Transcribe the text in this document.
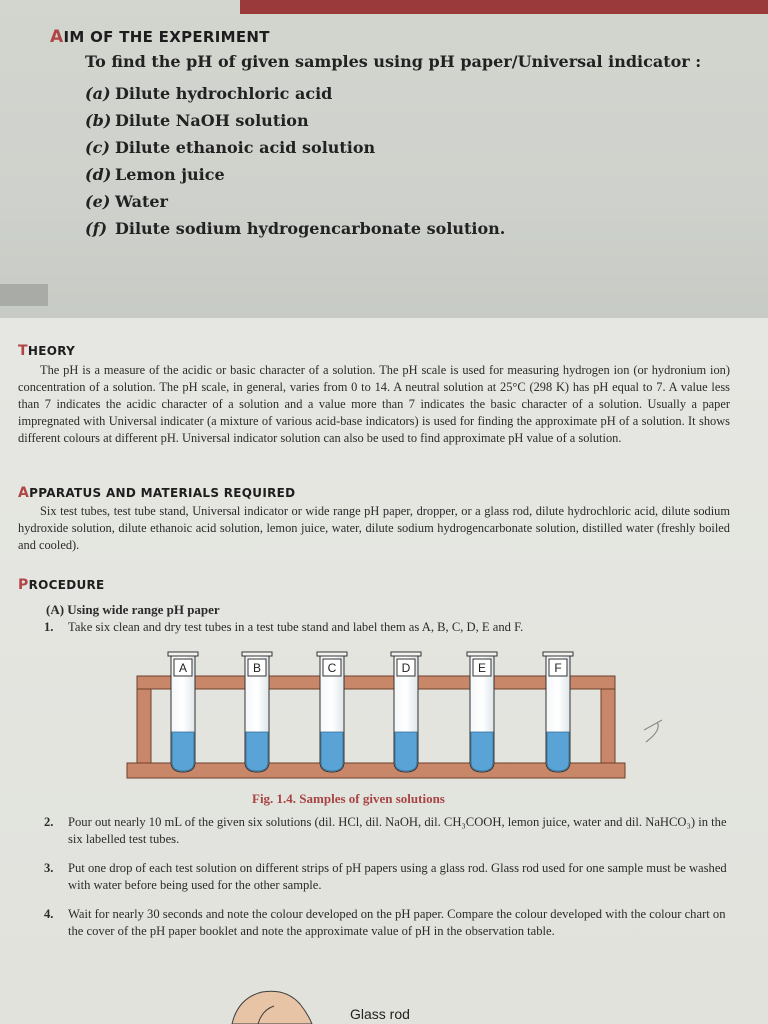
AIM OF THE EXPERIMENT
To find the pH of given samples using pH paper/Universal indicator :
(a) Dilute hydrochloric acid
(b) Dilute NaOH solution
(c) Dilute ethanoic acid solution
(d) Lemon juice
(e) Water
(f) Dilute sodium hydrogencarbonate solution.
THEORY
The pH is a measure of the acidic or basic character of a solution. The pH scale is used for measuring hydrogen ion (or hydronium ion) concentration of a solution. The pH scale, in general, varies from 0 to 14. A neutral solution at 25°C (298 K) has pH equal to 7. A value less than 7 indicates the acidic character of a solution and a value more than 7 indicates the basic character of a solution. Usually a paper impregnated with Universal indicater (a mixture of various acid-base indicators) is used for finding the approximate pH of a solution. It shows different colours at different pH. Universal indicator solution can also be used to find approximate pH value of a solution.
APPARATUS AND MATERIALS REQUIRED
Six test tubes, test tube stand, Universal indicator or wide range pH paper, dropper, or a glass rod, dilute hydrochloric acid, dilute sodium hydroxide solution, dilute ethanoic acid solution, lemon juice, water, dilute sodium hydrogencarbonate solution, distilled water (freshly boiled and cooled).
PROCEDURE
(A) Using wide range pH paper
1. Take six clean and dry test tubes in a test tube stand and label them as A, B, C, D, E and F.
A	B	C	D	E	F
Fig. 1.4. Samples of given solutions
2. Pour out nearly 10 mL of the given six solutions (dil. HCl, dil. NaOH, dil. CH₃COOH, lemon juice, water and dil. NaHCO₃) in the six labelled test tubes.
3. Put one drop of each test solution on different strips of pH papers using a glass rod. Glass rod used for one sample must be washed with water before being used for the other sample.
4. Wait for nearly 30 seconds and note the colour developed on the pH paper. Compare the colour developed with the colour chart on the cover of the pH paper booklet and note the approximate value of pH in the observation table.
Glass rod
